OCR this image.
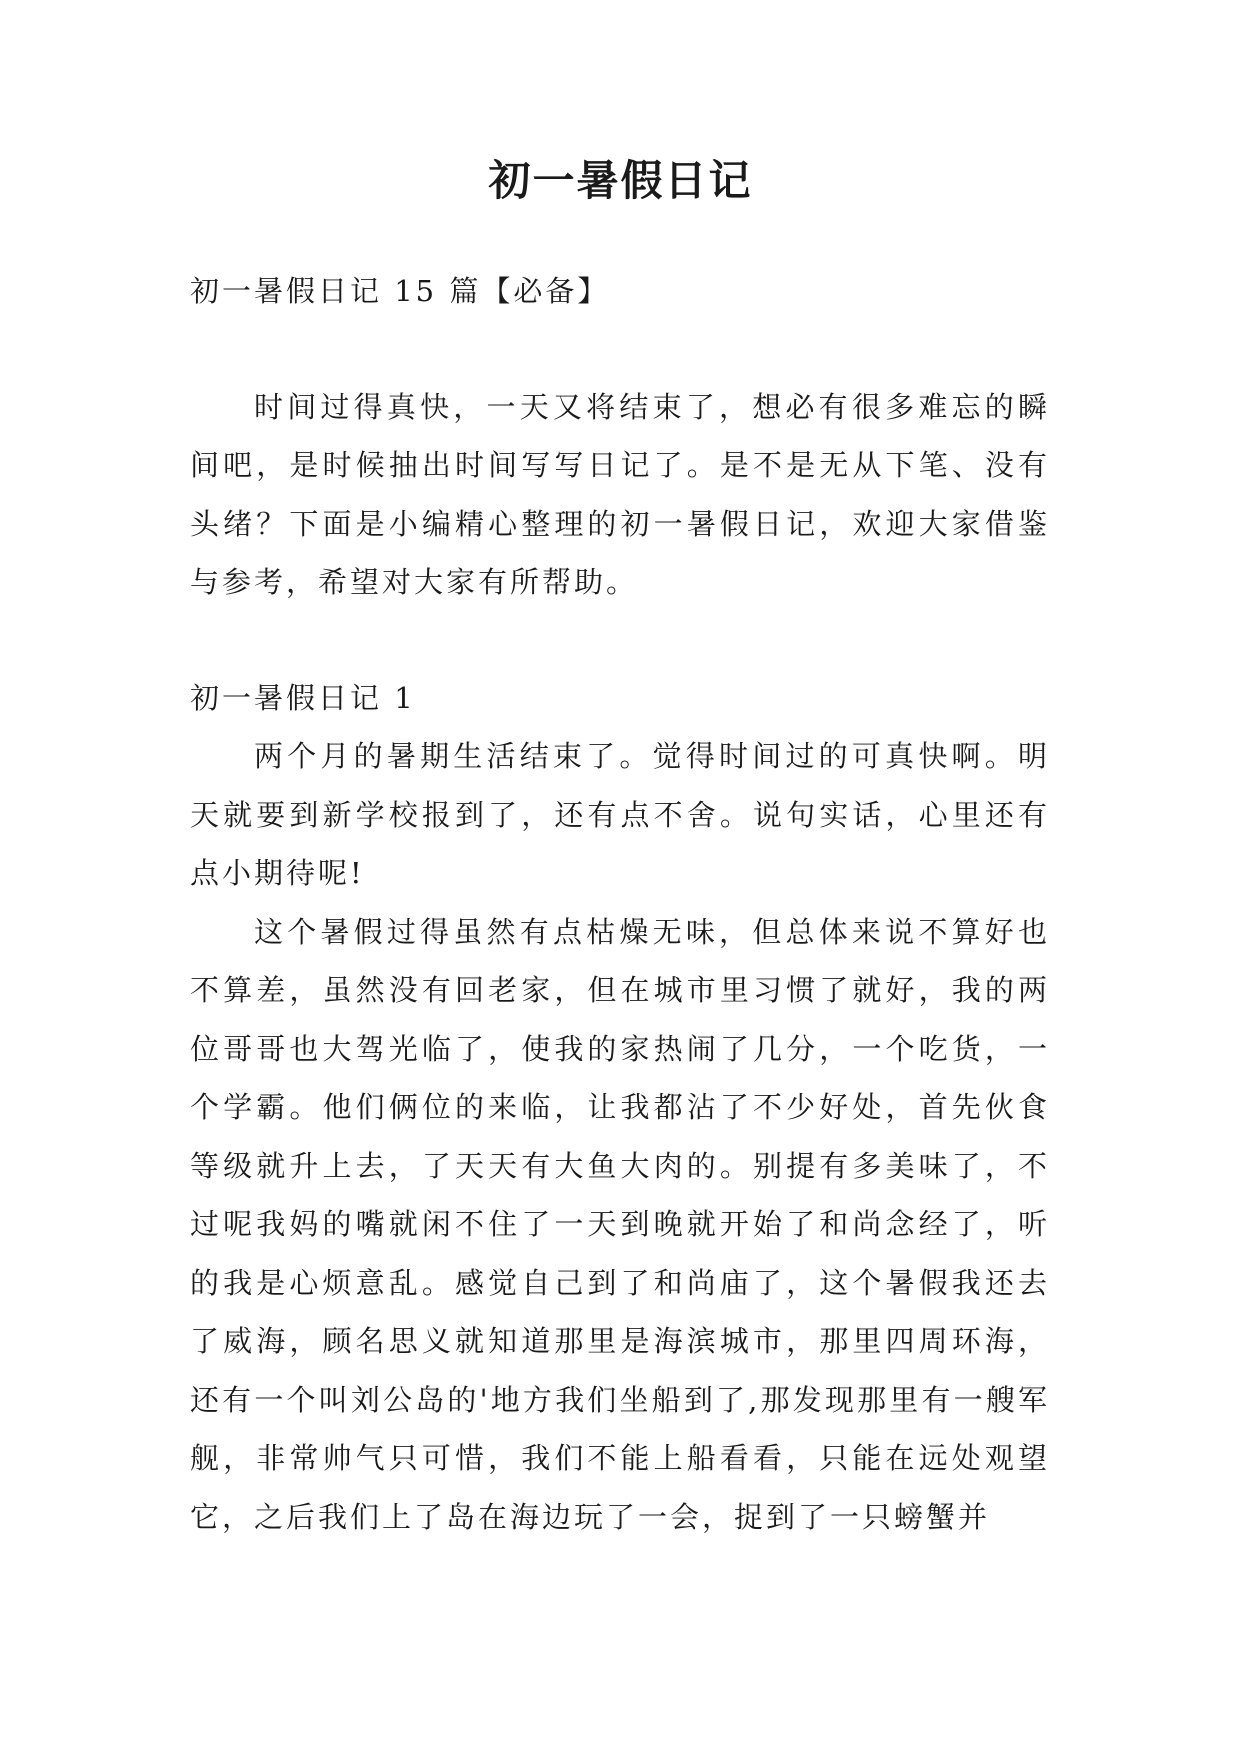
初一暑假日记

初一暑假日记 15 篇【必备】

时间过得真快，一天又将结束了，想必有很多难忘的瞬间吧，是时候抽出时间写写日记了。是不是无从下笔、没有头绪？下面是小编精心整理的初一暑假日记，欢迎大家借鉴与参考，希望对大家有所帮助。

初一暑假日记 1

两个月的暑期生活结束了。觉得时间过的可真快啊。明天就要到新学校报到了，还有点不舍。说句实话，心里还有点小期待呢!

这个暑假过得虽然有点枯燥无味，但总体来说不算好也不算差，虽然没有回老家，但在城市里习惯了就好，我的两位哥哥也大驾光临了，使我的家热闹了几分，一个吃货，一个学霸。他们俩位的来临，让我都沾了不少好处，首先伙食等级就升上去，了天天有大鱼大肉的。别提有多美味了，不过呢我妈的嘴就闲不住了一天到晚就开始了和尚念经了，听的我是心烦意乱。感觉自己到了和尚庙了，这个暑假我还去了威海，顾名思义就知道那里是海滨城市，那里四周环海，还有一个叫刘公岛的'地方我们坐船到了,那发现那里有一艘军舰，非常帅气只可惜，我们不能上船看看，只能在远处观望它，之后我们上了岛在海边玩了一会，捉到了一只螃蟹并
